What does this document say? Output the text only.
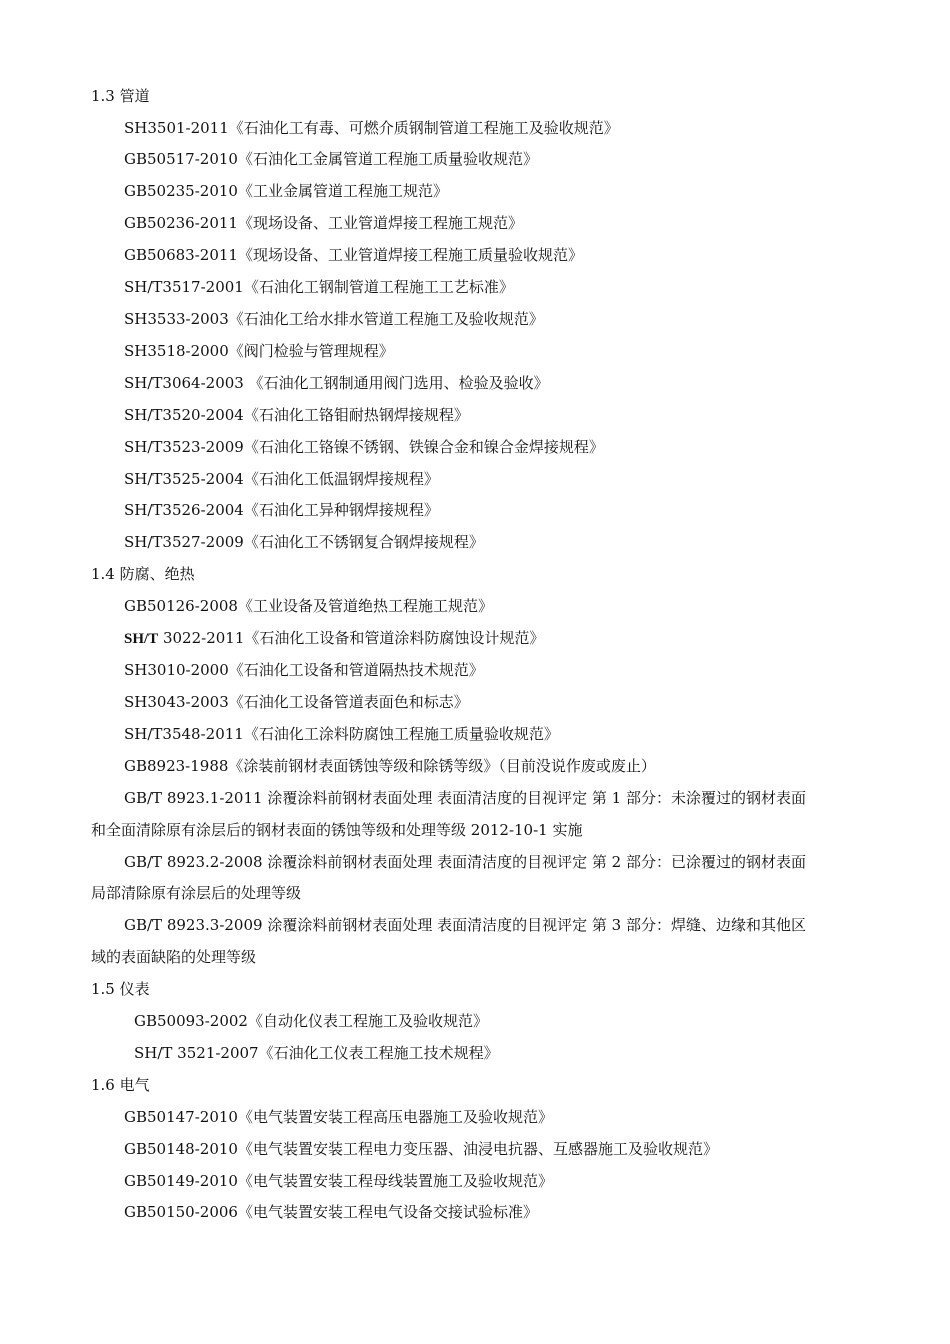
1.3 管道
SH3501-2011《石油化工有毒、可燃介质钢制管道工程施工及验收规范》
GB50517-2010《石油化工金属管道工程施工质量验收规范》
GB50235-2010《工业金属管道工程施工规范》
GB50236-2011《现场设备、工业管道焊接工程施工规范》
GB50683-2011《现场设备、工业管道焊接工程施工质量验收规范》
SH/T3517-2001《石油化工钢制管道工程施工工艺标准》
SH3533-2003《石油化工给水排水管道工程施工及验收规范》
SH3518-2000《阀门检验与管理规程》
SH/T3064-2003 《石油化工钢制通用阀门选用、检验及验收》
SH/T3520-2004《石油化工铬钼耐热钢焊接规程》
SH/T3523-2009《石油化工铬镍不锈钢、铁镍合金和镍合金焊接规程》
SH/T3525-2004《石油化工低温钢焊接规程》
SH/T3526-2004《石油化工异种钢焊接规程》
SH/T3527-2009《石油化工不锈钢复合钢焊接规程》
1.4 防腐、绝热
GB50126-2008《工业设备及管道绝热工程施工规范》
SH/T 3022-2011《石油化工设备和管道涂料防腐蚀设计规范》
SH3010-2000《石油化工设备和管道隔热技术规范》
SH3043-2003《石油化工设备管道表面色和标志》
SH/T3548-2011《石油化工涂料防腐蚀工程施工质量验收规范》
GB8923-1988《涂装前钢材表面锈蚀等级和除锈等级》（目前没说作废或废止）
GB/T 8923.1-2011 涂覆涂料前钢材表面处理 表面清洁度的目视评定 第 1 部分：未涂覆过的钢材表面
和全面清除原有涂层后的钢材表面的锈蚀等级和处理等级 2012-10-1 实施
GB/T 8923.2-2008 涂覆涂料前钢材表面处理 表面清洁度的目视评定 第 2 部分：已涂覆过的钢材表面
局部清除原有涂层后的处理等级
GB/T 8923.3-2009 涂覆涂料前钢材表面处理 表面清洁度的目视评定 第 3 部分：焊缝、边缘和其他区
域的表面缺陷的处理等级
1.5 仪表
GB50093-2002《自动化仪表工程施工及验收规范》
SH/T 3521-2007《石油化工仪表工程施工技术规程》
1.6 电气
GB50147-2010《电气装置安装工程高压电器施工及验收规范》
GB50148-2010《电气装置安装工程电力变压器、油浸电抗器、互感器施工及验收规范》
GB50149-2010《电气装置安装工程母线装置施工及验收规范》
GB50150-2006《电气装置安装工程电气设备交接试验标准》
